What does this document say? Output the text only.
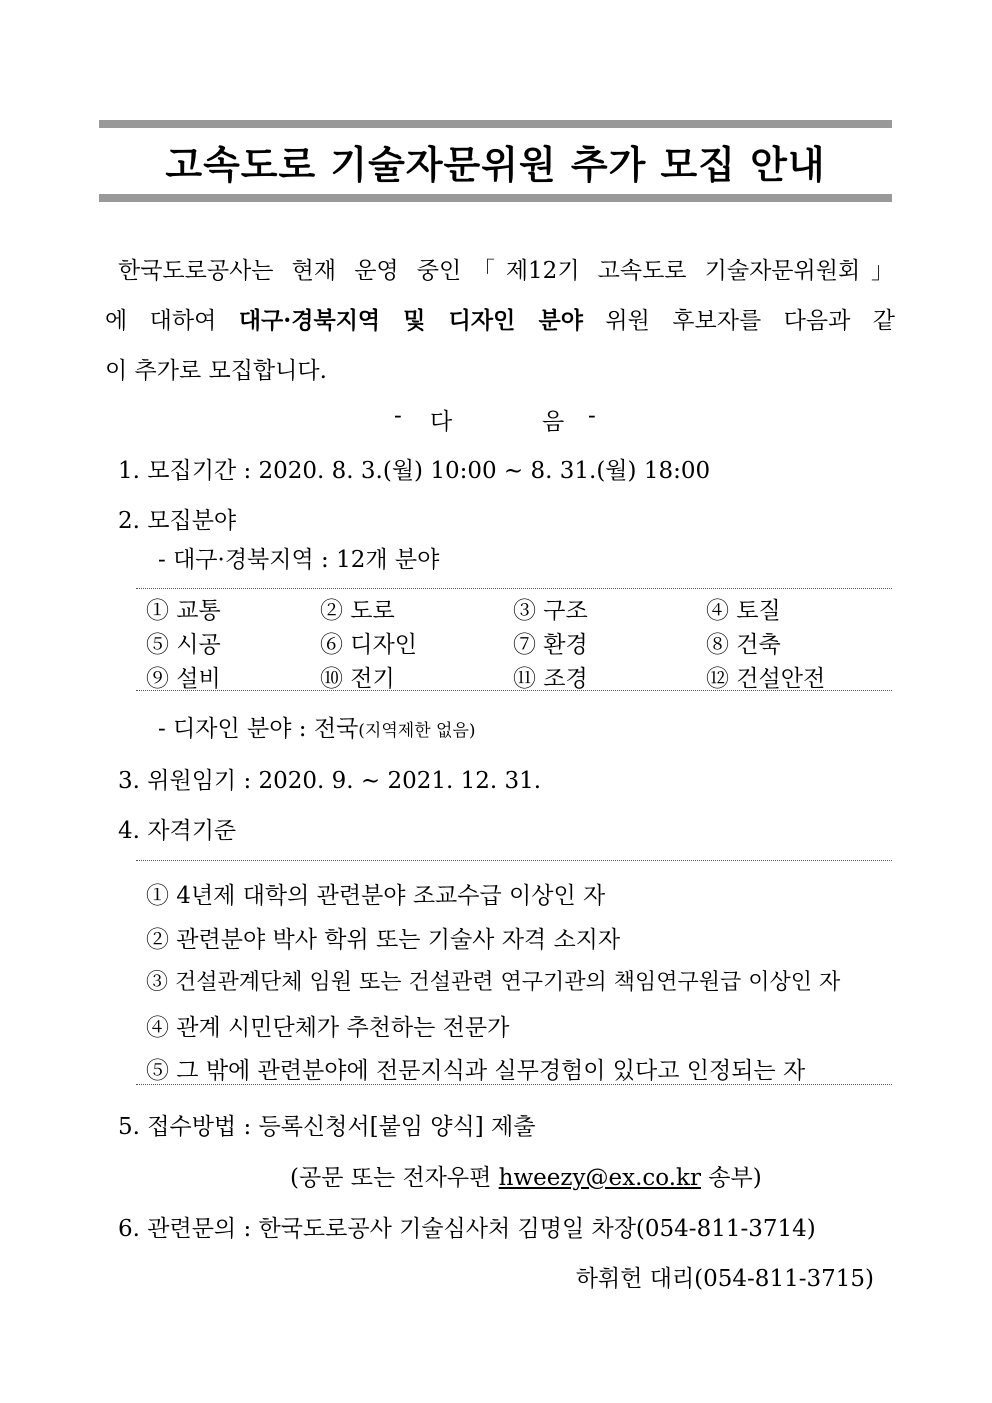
고속도로 기술자문위원 추가 모집 안내
한국도로공사는 현재 운영 중인「제12기 고속도로 기술자문위원회」
에 대하여 대구·경북지역 및 디자인 분야 위원 후보자를 다음과 같
이 추가로 모집합니다.
- 다	음 -
1. 모집기간 : 2020. 8. 3.(월) 10:00 ∼ 8. 31.(월) 18:00
2. 모집분야
- 대구·경북지역 : 12개 분야
① 교통	② 도로	③ 구조	④ 토질
⑤ 시공	⑥ 디자인	⑦ 환경	⑧ 건축
⑨ 설비	⑩ 전기	⑪ 조경	⑫ 건설안전
- 디자인 분야 : 전국(지역제한 없음)
3. 위원임기 : 2020. 9. ∼ 2021. 12. 31.
4. 자격기준
① 4년제 대학의 관련분야 조교수급 이상인 자
② 관련분야 박사 학위 또는 기술사 자격 소지자
③ 건설관계단체 임원 또는 건설관련 연구기관의 책임연구원급 이상인 자
④ 관계 시민단체가 추천하는 전문가
⑤ 그 밖에 관련분야에 전문지식과 실무경험이 있다고 인정되는 자
5. 접수방법 : 등록신청서[붙임 양식] 제출
(공문 또는 전자우편 hweezy@ex.co.kr 송부)
6. 관련문의 : 한국도로공사 기술심사처 김명일 차장(054-811-3714)
하휘헌 대리(054-811-3715)
